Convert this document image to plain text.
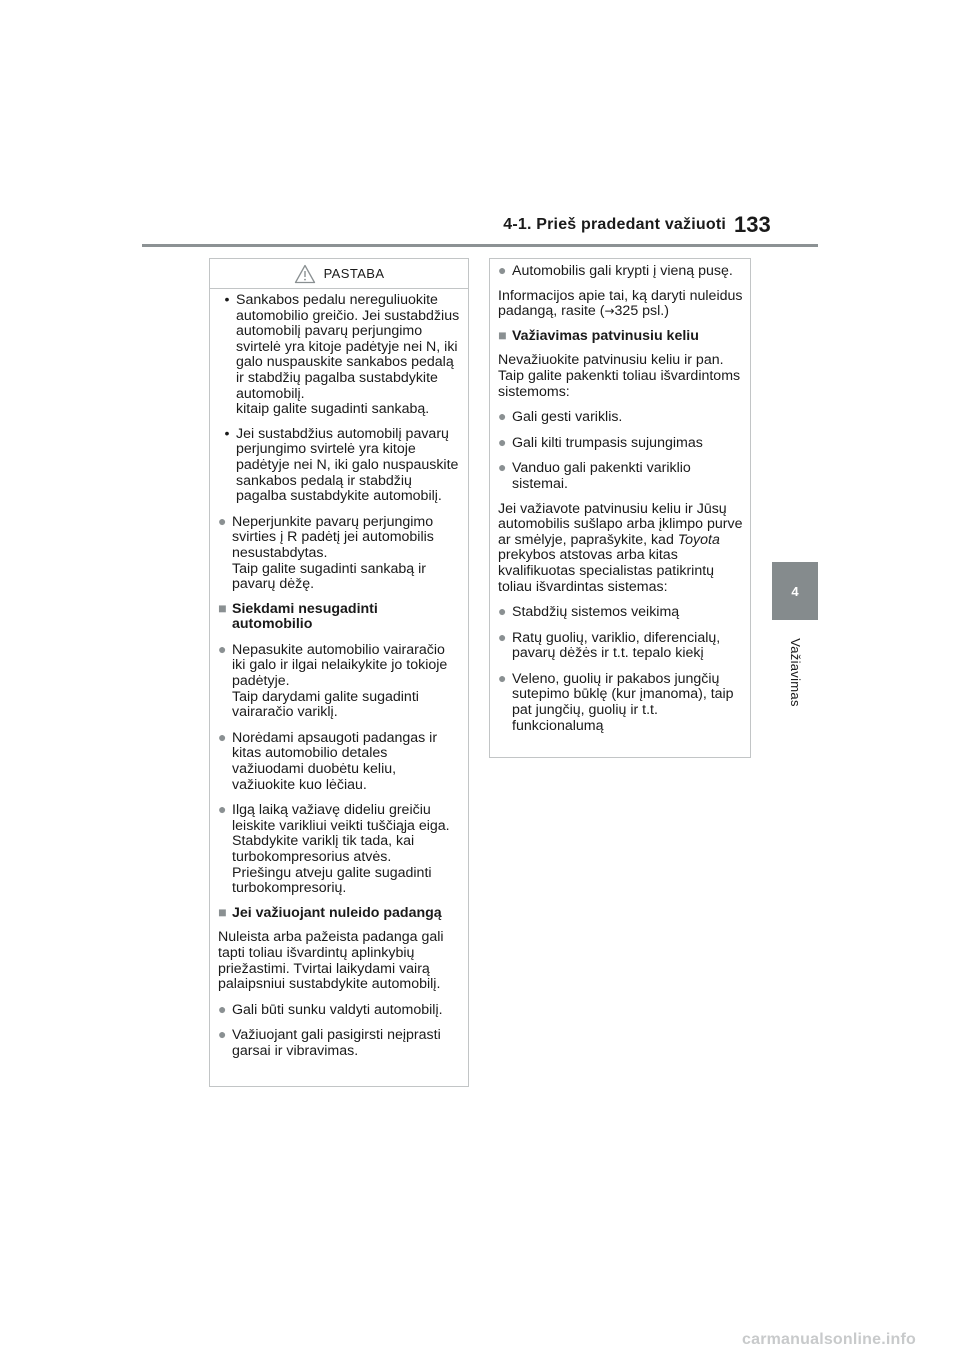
4-1. Prieš pradedant važiuoti 133
4
Važiavimas
PASTABA
• Sankabos pedalu nereguliuokite automobilio greičio. Jei sustabdžius automobilį pavarų perjungimo svirtelė yra kitoje padėtyje nei N, iki galo nuspauskite sankabos pedalą ir stabdžių pagalba sustabdykite automobilį.
kitaip galite sugadinti sankabą.
• Jei sustabdžius automobilį pavarų perjungimo svirtelė yra kitoje padėtyje nei N, iki galo nuspauskite sankabos pedalą ir stabdžių pagalba sustabdykite automobilį.
● Neperjunkite pavarų perjungimo svirties į R padėtį jei automobilis nesustabdytas.
Taip galite sugadinti sankabą ir pavarų dėžę.
■ Siekdami nesugadinti automobilio
● Nepasukite automobilio vairaračio iki galo ir ilgai nelaikykite jo tokioje padėtyje.
Taip darydami galite sugadinti vairaračio variklį.
● Norėdami apsaugoti padangas ir kitas automobilio detales važiuodami duobėtu keliu, važiuokite kuo lėčiau.
● Ilgą laiką važiavę dideliu greičiu leiskite varikliui veikti tuščiąja eiga. Stabdykite variklį tik tada, kai turbokompresorius atvės.
Priešingu atveju galite sugadinti turbokompresorių.
■ Jei važiuojant nuleido padangą
Nuleista arba pažeista padanga gali tapti toliau išvardintų aplinkybių priežastimi. Tvirtai laikydami vairą palaipsniui sustabdykite automobilį.
● Gali būti sunku valdyti automobilį.
● Važiuojant gali pasigirsti neįprasti garsai ir vibravimas.
● Automobilis gali krypti į vieną pusę.
Informacijos apie tai, ką daryti nuleidus padangą, rasite (→325 psl.)
■ Važiavimas patvinusiu keliu
Nevažiuokite patvinusiu keliu ir pan. Taip galite pakenkti toliau išvardintoms sistemoms:
● Gali gesti variklis.
● Gali kilti trumpasis sujungimas
● Vanduo gali pakenkti variklio sistemai.
Jei važiavote patvinusiu keliu ir Jūsų automobilis sušlapo arba įklimpo purve ar smėlyje, paprašykite, kad Toyota prekybos atstovas arba kitas kvalifikuotas specialistas patikrintų toliau išvardintas sistemas:
● Stabdžių sistemos veikimą
● Ratų guolių, variklio, diferencialų, pavarų dėžės ir t.t. tepalo kiekį
● Veleno, guolių ir pakabos jungčių sutepimo būklę (kur įmanoma), taip pat jungčių, guolių ir t.t. funkcionalumą
carmanualsonline.info
